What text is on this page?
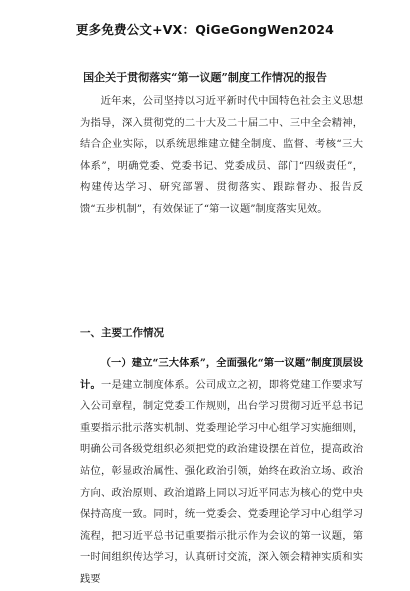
更多免费公文+VX：QiGeGongWen2024
国企关于贯彻落实“第一议题”制度工作情况的报告
近年来，公司坚持以习近平新时代中国特色社会主义思想为指导，深入贯彻党的二十大及二十届二中、三中全会精神，结合企业实际，以系统思维建立健全制度、监督、考核“三大体系”，明确党委、党委书记、党委成员、部门“四级责任”，构建传达学习、研究部署、贯彻落实、跟踪督办、报告反馈“五步机制”，有效保证了“第一议题”制度落实见效。
一、主要工作情况
（一）建立“三大体系”，全面强化“第一议题”制度顶层设计。一是建立制度体系。公司成立之初，即将党建工作要求写入公司章程，制定党委工作规则，出台学习贯彻习近平总书记重要指示批示落实机制、党委理论学习中心组学习实施细则，明确公司各级党组织必须把党的政治建设摆在首位，提高政治站位，彰显政治属性、强化政治引领，始终在政治立场、政治方向、政治原则、政治道路上同以习近平同志为核心的党中央保持高度一致。同时，统一党委会、党委理论学习中心组学习流程，把习近平总书记重要指示批示作为会议的第一议题，第一时间组织传达学习，认真研讨交流，深入领会精神实质和实践要
